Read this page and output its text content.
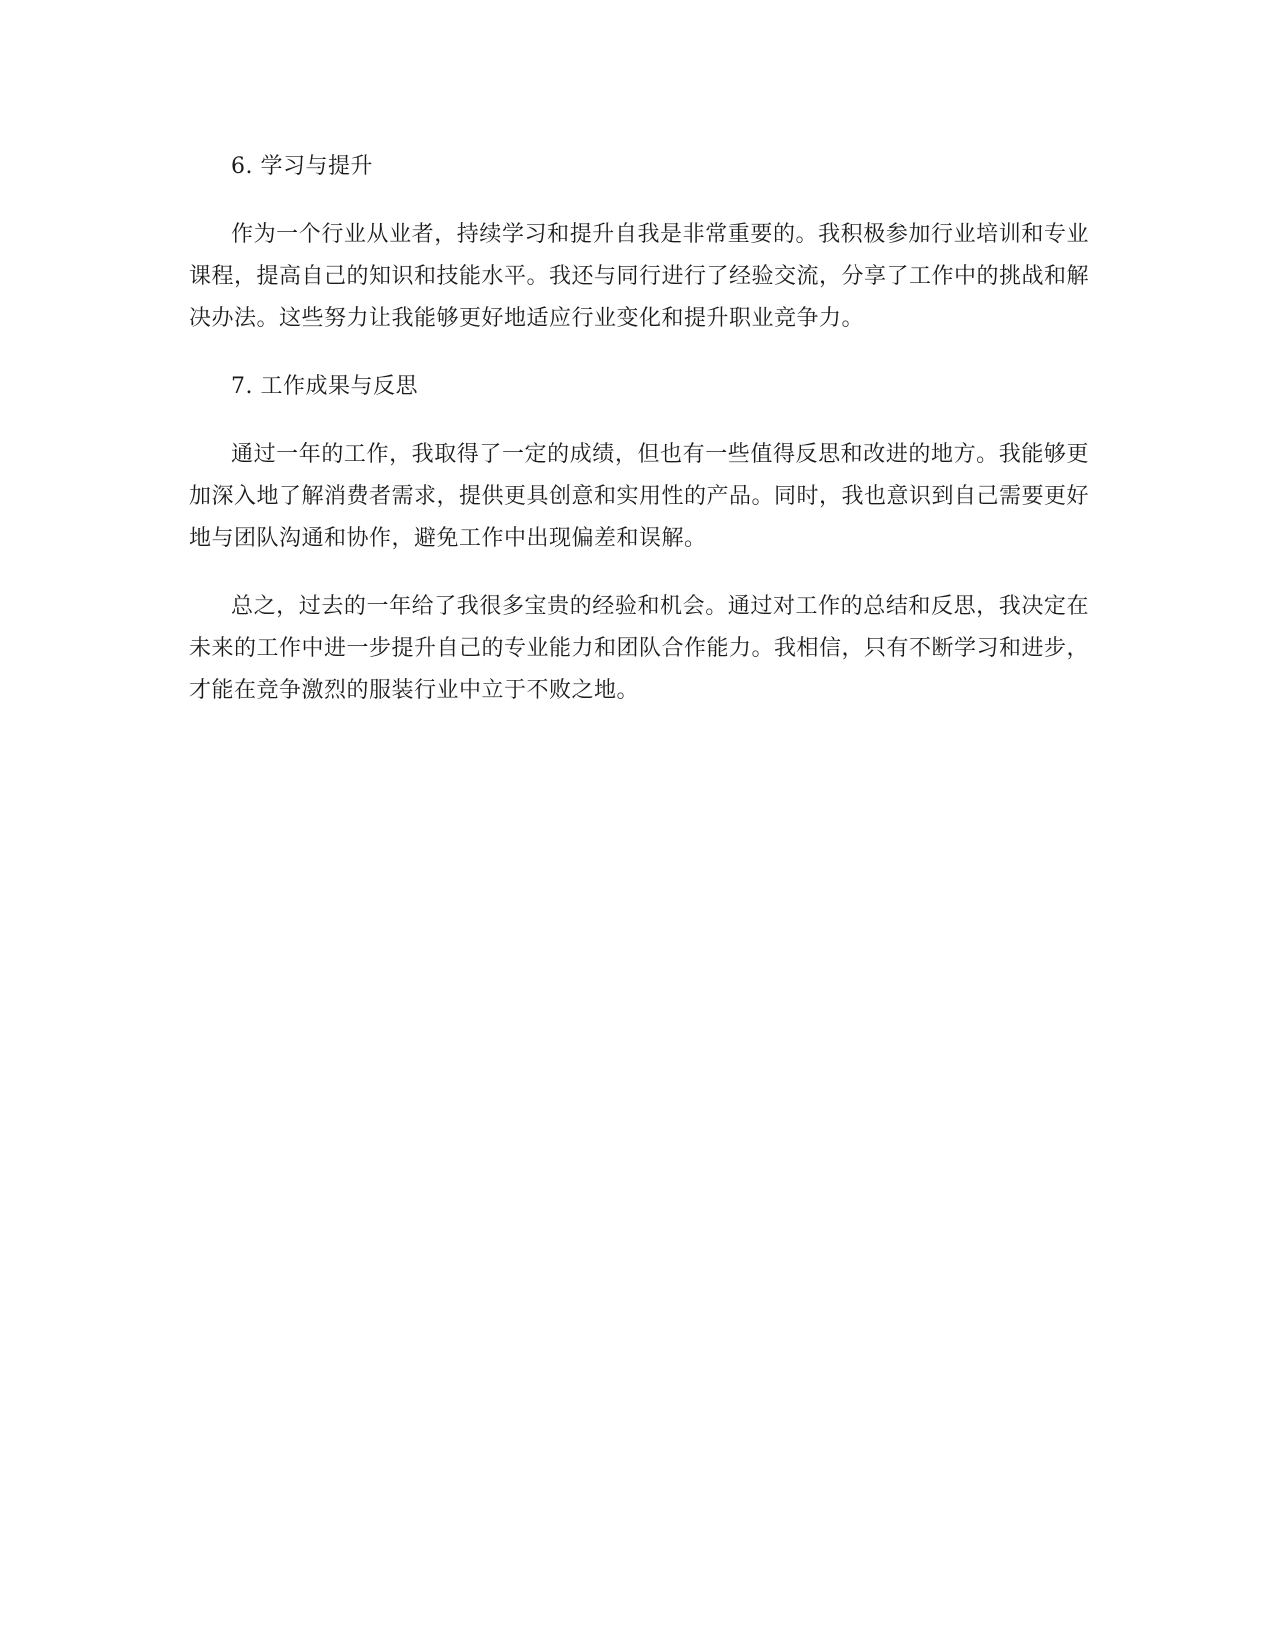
6. 学习与提升

作为一个行业从业者，持续学习和提升自我是非常重要的。我积极参加行业培训和专业课程，提高自己的知识和技能水平。我还与同行进行了经验交流，分享了工作中的挑战和解决办法。这些努力让我能够更好地适应行业变化和提升职业竞争力。

7. 工作成果与反思

通过一年的工作，我取得了一定的成绩，但也有一些值得反思和改进的地方。我能够更加深入地了解消费者需求，提供更具创意和实用性的产品。同时，我也意识到自己需要更好地与团队沟通和协作，避免工作中出现偏差和误解。

总之，过去的一年给了我很多宝贵的经验和机会。通过对工作的总结和反思，我决定在未来的工作中进一步提升自己的专业能力和团队合作能力。我相信，只有不断学习和进步，才能在竞争激烈的服装行业中立于不败之地。
